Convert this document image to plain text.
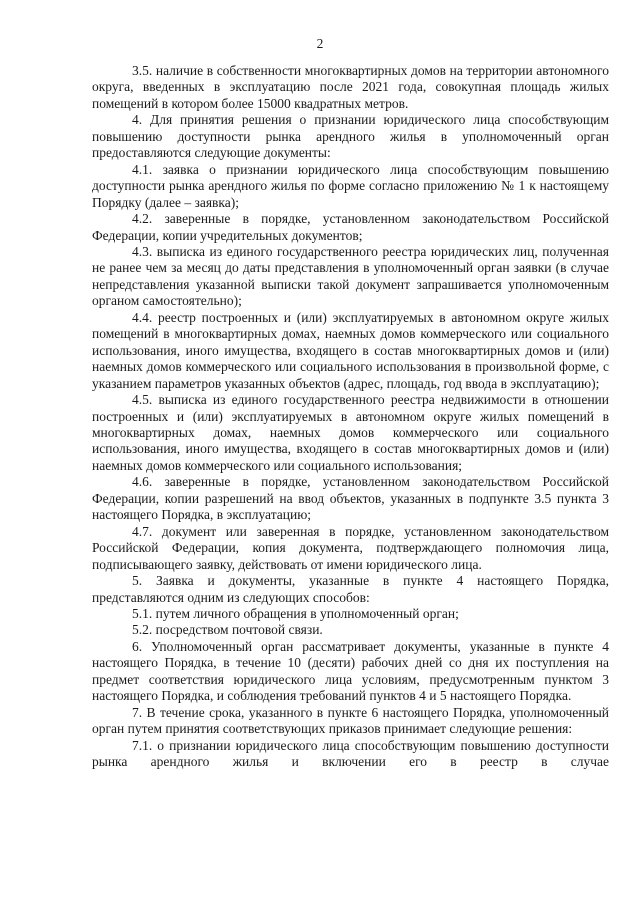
2

3.5. наличие в собственности многоквартирных домов на территории автономного округа, введенных в эксплуатацию после 2021 года, совокупная площадь жилых помещений в котором более 15000 квадратных метров.

4. Для принятия решения о признании юридического лица способствующим повышению доступности рынка арендного жилья в уполномоченный орган предоставляются следующие документы:

4.1. заявка о признании юридического лица способствующим повышению доступности рынка арендного жилья по форме согласно приложению № 1 к настоящему Порядку (далее – заявка);

4.2. заверенные в порядке, установленном законодательством Российской Федерации, копии учредительных документов;

4.3. выписка из единого государственного реестра юридических лиц, полученная не ранее чем за месяц до даты представления в уполномоченный орган заявки (в случае непредставления указанной выписки такой документ запрашивается уполномоченным органом самостоятельно);

4.4. реестр построенных и (или) эксплуатируемых в автономном округе жилых помещений в многоквартирных домах, наемных домов коммерческого или социального использования, иного имущества, входящего в состав многоквартирных домов и (или) наемных домов коммерческого или социального использования в произвольной форме, с указанием параметров указанных объектов (адрес, площадь, год ввода в эксплуатацию);

4.5. выписка из единого государственного реестра недвижимости в отношении построенных и (или) эксплуатируемых в автономном округе жилых помещений в многоквартирных домах, наемных домов коммерческого или социального использования, иного имущества, входящего в состав многоквартирных домов и (или) наемных домов коммерческого или социального использования;

4.6. заверенные в порядке, установленном законодательством Российской Федерации, копии разрешений на ввод объектов, указанных в подпункте 3.5 пункта 3 настоящего Порядка, в эксплуатацию;

4.7. документ или заверенная в порядке, установленном законодательством Российской Федерации, копия документа, подтверждающего полномочия лица, подписывающего заявку, действовать от имени юридического лица.

5. Заявка и документы, указанные в пункте 4 настоящего Порядка, представляются одним из следующих способов:

5.1. путем личного обращения в уполномоченный орган;

5.2. посредством почтовой связи.

6. Уполномоченный орган рассматривает документы, указанные в пункте 4 настоящего Порядка, в течение 10 (десяти) рабочих дней со дня их поступления на предмет соответствия юридического лица условиям, предусмотренным пунктом 3 настоящего Порядка, и соблюдения требований пунктов 4 и 5 настоящего Порядка.

7. В течение срока, указанного в пункте 6 настоящего Порядка, уполномоченный орган путем принятия соответствующих приказов принимает следующие решения:

7.1. о признании юридического лица способствующим повышению доступности рынка арендного жилья и включении его в реестр в случае
